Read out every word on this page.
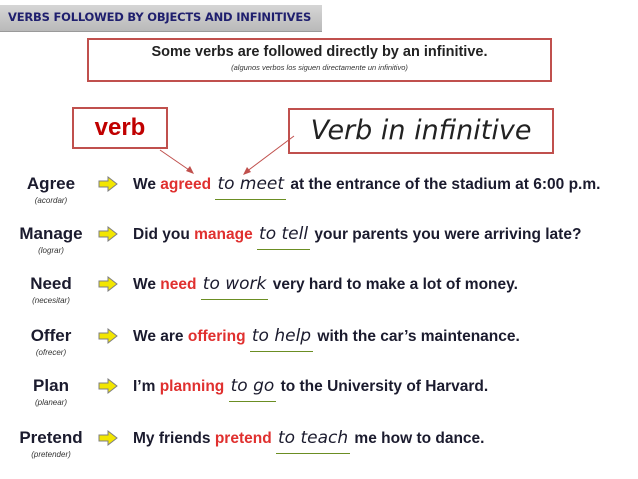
VERBS FOLLOWED BY OBJECTS AND INFINITIVES
Some verbs are followed directly by an infinitive.
(algunos verbos los siguen directamente un infinitivo)
verb	Verb in infinitive
Agree
(acordar)
We agreed to meet at the entrance of the stadium at 6:00 p.m.
Manage
(lograr)
Did you manage to tell your parents you were arriving late?
Need
(necesitar)
We need to work very hard to make a lot of money.
Offer
(ofrecer)
We are offering to help with the car’s maintenance.
Plan
(planear)
I’m planning to go to the University of Harvard.
Pretend
(pretender)
My friends pretend to teach me how to dance.
